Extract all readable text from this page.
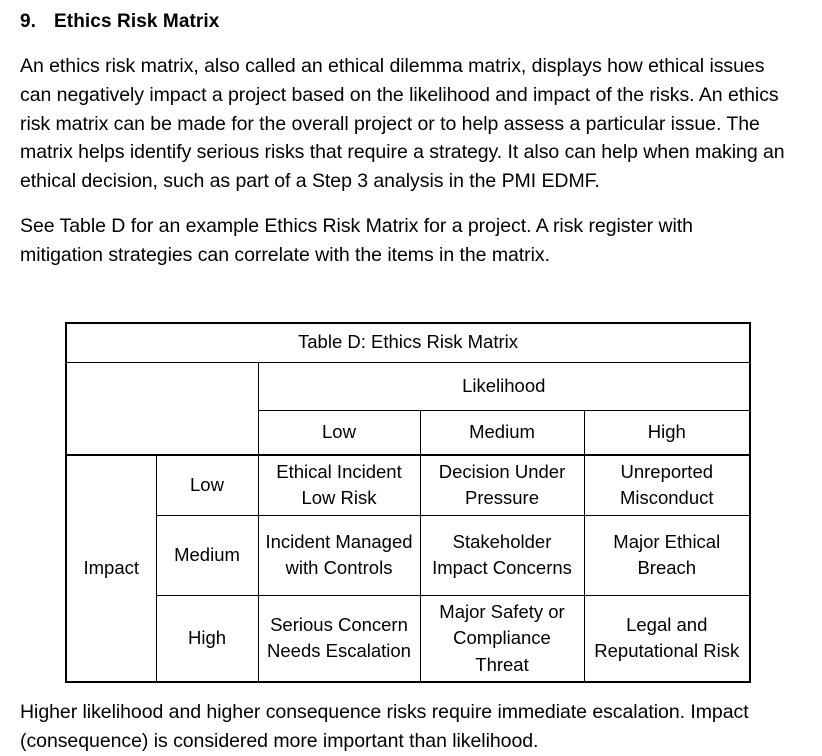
9. Ethics Risk Matrix

An ethics risk matrix, also called an ethical dilemma matrix, displays how ethical issues can negatively impact a project based on the likelihood and impact of the risks. An ethics risk matrix can be made for the overall project or to help assess a particular issue. The matrix helps identify serious risks that require a strategy. It also can help when making an ethical decision, such as part of a Step 3 analysis in the PMI EDMF.

See Table D for an example Ethics Risk Matrix for a project. A risk register with mitigation strategies can correlate with the items in the matrix.

Table D: Ethics Risk Matrix				
		Likelihood		
		Low	Medium	High
Impact	Low	Ethical Incident Low Risk	Decision Under Pressure	Unreported Misconduct
	Medium	Incident Managed with Controls	Stakeholder Impact Concerns	Major Ethical Breach
	High	Serious Concern Needs Escalation	Major Safety or Compliance Threat	Legal and Reputational Risk

Higher likelihood and higher consequence risks require immediate escalation. Impact (consequence) is considered more important than likelihood.
